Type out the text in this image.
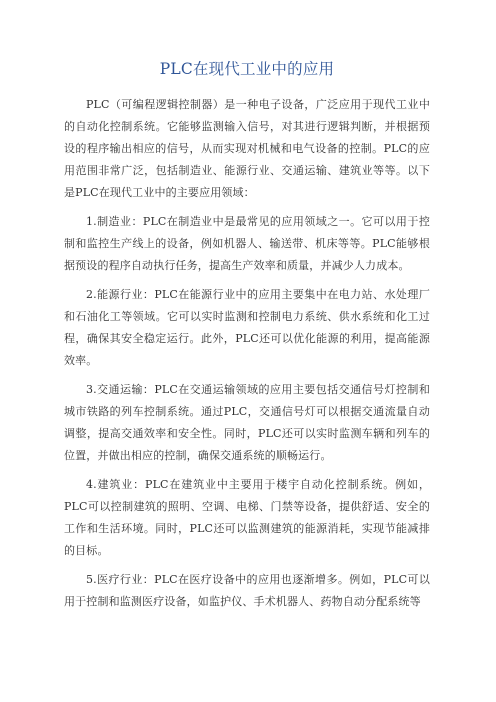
PLC在现代工业中的应用

PLC（可编程逻辑控制器）是一种电子设备，广泛应用于现代工业中的自动化控制系统。它能够监测输入信号，对其进行逻辑判断，并根据预设的程序输出相应的信号，从而实现对机械和电气设备的控制。PLC的应用范围非常广泛，包括制造业、能源行业、交通运输、建筑业等等。以下是PLC在现代工业中的主要应用领域：

1.制造业：PLC在制造业中是最常见的应用领域之一。它可以用于控制和监控生产线上的设备，例如机器人、输送带、机床等等。PLC能够根据预设的程序自动执行任务，提高生产效率和质量，并减少人力成本。

2.能源行业：PLC在能源行业中的应用主要集中在电力站、水处理厂和石油化工等领域。它可以实时监测和控制电力系统、供水系统和化工过程，确保其安全稳定运行。此外，PLC还可以优化能源的利用，提高能源效率。

3.交通运输：PLC在交通运输领域的应用主要包括交通信号灯控制和城市铁路的列车控制系统。通过PLC，交通信号灯可以根据交通流量自动调整，提高交通效率和安全性。同时，PLC还可以实时监测车辆和列车的位置，并做出相应的控制，确保交通系统的顺畅运行。

4.建筑业：PLC在建筑业中主要用于楼宇自动化控制系统。例如，PLC可以控制建筑的照明、空调、电梯、门禁等设备，提供舒适、安全的工作和生活环境。同时，PLC还可以监测建筑的能源消耗，实现节能减排的目标。

5.医疗行业：PLC在医疗设备中的应用也逐渐增多。例如，PLC可以用于控制和监测医疗设备，如监护仪、手术机器人、药物自动分配系统等
